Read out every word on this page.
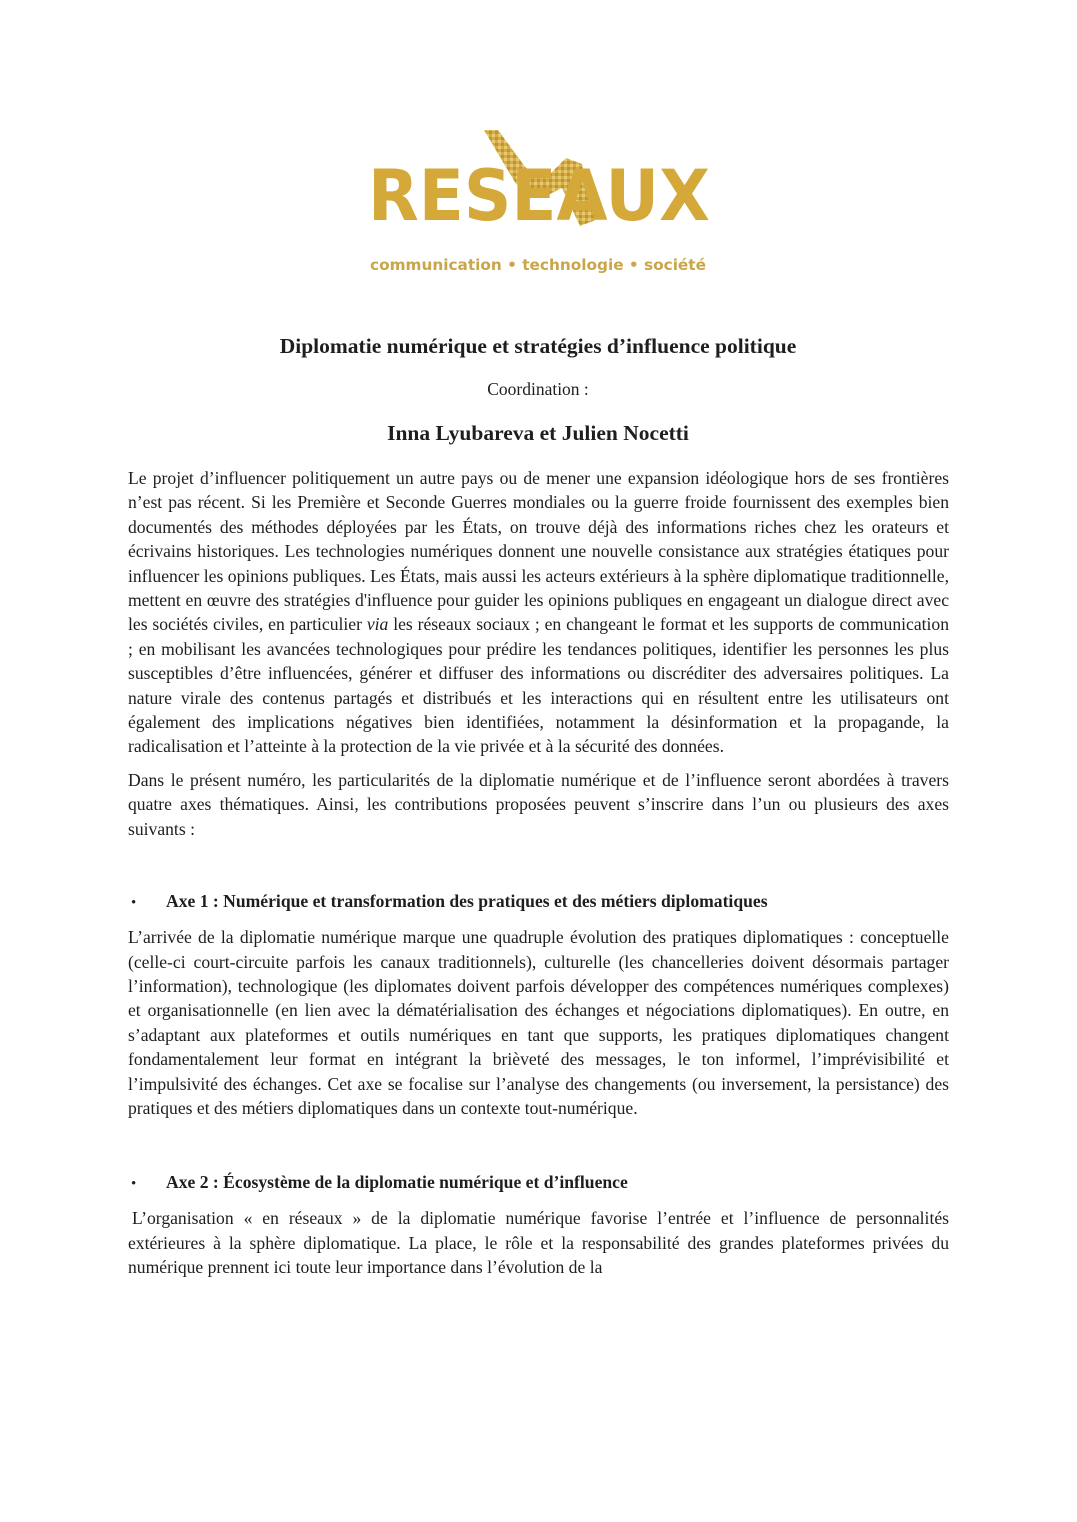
RESEAUX
communication • technologie • société
Diplomatie numérique et stratégies d’influence politique
Coordination :
Inna Lyubareva et Julien Nocetti

Le projet d’influencer politiquement un autre pays ou de mener une expansion idéologique hors de ses frontières n’est pas récent. Si les Première et Seconde Guerres mondiales ou la guerre froide fournissent des exemples bien documentés des méthodes déployées par les États, on trouve déjà des informations riches chez les orateurs et écrivains historiques. Les technologies numériques donnent une nouvelle consistance aux stratégies étatiques pour influencer les opinions publiques. Les États, mais aussi les acteurs extérieurs à la sphère diplomatique traditionnelle, mettent en œuvre des stratégies d'influence pour guider les opinions publiques en engageant un dialogue direct avec les sociétés civiles, en particulier via les réseaux sociaux ; en changeant le format et les supports de communication ; en mobilisant les avancées technologiques pour prédire les tendances politiques, identifier les personnes les plus susceptibles d’être influencées, générer et diffuser des informations ou discréditer des adversaires politiques. La nature virale des contenus partagés et distribués et les interactions qui en résultent entre les utilisateurs ont également des implications négatives bien identifiées, notamment la désinformation et la propagande, la radicalisation et l’atteinte à la protection de la vie privée et à la sécurité des données.

Dans le présent numéro, les particularités de la diplomatie numérique et de l’influence seront abordées à travers quatre axes thématiques. Ainsi, les contributions proposées peuvent s’inscrire dans l’un ou plusieurs des axes suivants :

•	Axe 1 : Numérique et transformation des pratiques et des métiers diplomatiques

L’arrivée de la diplomatie numérique marque une quadruple évolution des pratiques diplomatiques : conceptuelle (celle-ci court-circuite parfois les canaux traditionnels), culturelle (les chancelleries doivent désormais partager l’information), technologique (les diplomates doivent parfois développer des compétences numériques complexes) et organisationnelle (en lien avec la dématérialisation des échanges et négociations diplomatiques). En outre, en s’adaptant aux plateformes et outils numériques en tant que supports, les pratiques diplomatiques changent fondamentalement leur format en intégrant la brièveté des messages, le ton informel, l’imprévisibilité et l’impulsivité des échanges. Cet axe se focalise sur l’analyse des changements (ou inversement, la persistance) des pratiques et des métiers diplomatiques dans un contexte tout-numérique.

•	Axe 2 : Écosystème de la diplomatie numérique et d’influence

L’organisation « en réseaux » de la diplomatie numérique favorise l’entrée et l’influence de personnalités extérieures à la sphère diplomatique. La place, le rôle et la responsabilité des grandes plateformes privées du numérique prennent ici toute leur importance dans l’évolution de la
